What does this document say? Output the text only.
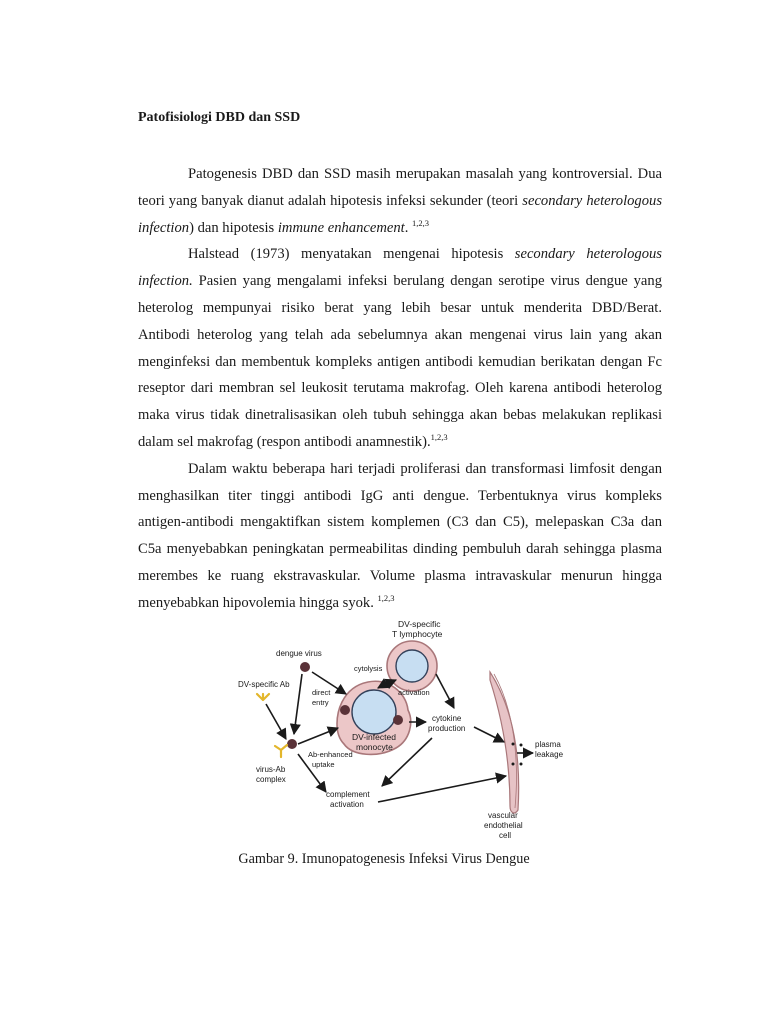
Patofisiologi DBD dan SSD

Patogenesis DBD dan SSD masih merupakan masalah yang kontroversial. Dua teori yang banyak dianut adalah hipotesis infeksi sekunder (teori secondary heterologous infection) dan hipotesis immune enhancement. $^{1,2,3}$

Halstead (1973) menyatakan mengenai hipotesis secondary heterologous infection. Pasien yang mengalami infeksi berulang dengan serotipe virus dengue yang heterolog mempunyai risiko berat yang lebih besar untuk menderita DBD/Berat. Antibodi heterolog yang telah ada sebelumnya akan mengenai virus lain yang akan menginfeksi dan membentuk kompleks antigen antibodi kemudian berikatan dengan Fc reseptor dari membran sel leukosit terutama makrofag. Oleh karena antibodi heterolog maka virus tidak dinetralisasikan oleh tubuh sehingga akan bebas melakukan replikasi dalam sel makrofag (respon antibodi anamnestik).$^{1,2,3}$

Dalam waktu beberapa hari terjadi proliferasi dan transformasi limfosit dengan menghasilkan titer tinggi antibodi IgG anti dengue. Terbentuknya virus kompleks antigen-antibodi mengaktifkan sistem komplemen (C3 dan C5), melepaskan C3a dan C5a menyebabkan peningkatan permeabilitas dinding pembuluh darah sehingga plasma merembes ke ruang ekstravaskular. Volume plasma intravaskular menurun hingga menyebabkan hipovolemia hingga syok. $^{1,2,3}$

DV-specific
T lymphocyte
dengue virus
cytolysis
DV-specific Ab
direct
entry
activation
DV-infected
monocyte
cytokine
production
plasma
leakage
Ab-enhanced
uptake
virus-Ab
complex
complement
activation
vascular
endothelial
cell
Gambar 9. Imunopatogenesis Infeksi Virus Dengue
